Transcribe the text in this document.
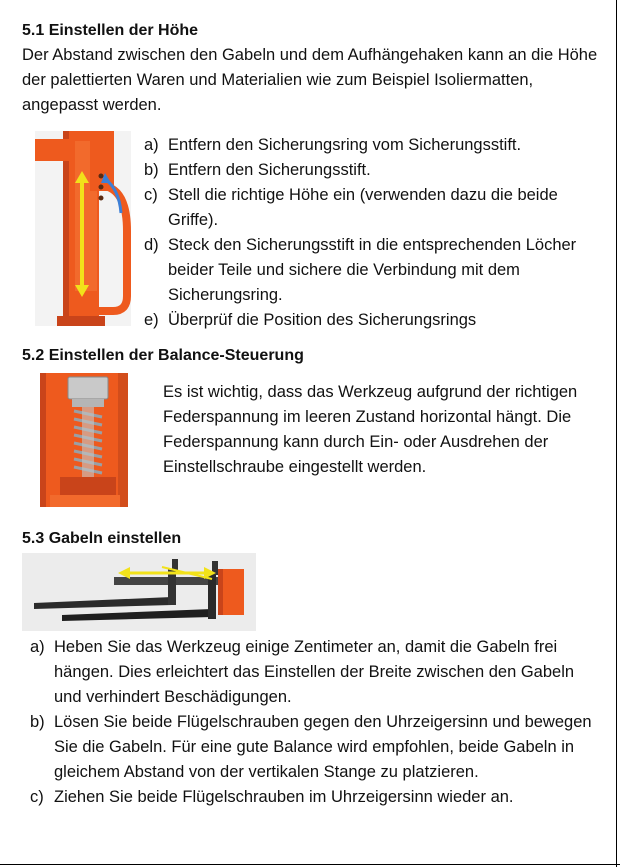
5.1 Einstellen der Höhe

Der Abstand zwischen den Gabeln und dem Aufhängehaken kann an die Höhe der palettierten Waren und Materialien wie zum Beispiel Isoliermatten, angepasst werden.

a) Entfern den Sicherungsring vom Sicherungsstift.
b) Entfern den Sicherungsstift.
c) Stell die richtige Höhe ein (verwenden dazu die beide Griffe).
d) Steck den Sicherungsstift in die entsprechenden Löcher beider Teile und sichere die Verbindung mit dem Sicherungsring.
e) Überprüf die Position des Sicherungsrings
5.2 Einstellen der Balance-Steuerung

Es ist wichtig, dass das Werkzeug aufgrund der richtigen Federspannung im leeren Zustand horizontal hängt. Die Federspannung kann durch Ein- oder Ausdrehen der Einstellschraube eingestellt werden.

5.3 Gabeln einstellen
a) Heben Sie das Werkzeug einige Zentimeter an, damit die Gabeln frei hängen. Dies erleichtert das Einstellen der Breite zwischen den Gabeln und verhindert Beschädigungen.
b) Lösen Sie beide Flügelschrauben gegen den Uhrzeigersinn und bewegen Sie die Gabeln. Für eine gute Balance wird empfohlen, beide Gabeln in gleichem Abstand von der vertikalen Stange zu platzieren.
c) Ziehen Sie beide Flügelschrauben im Uhrzeigersinn wieder an.
